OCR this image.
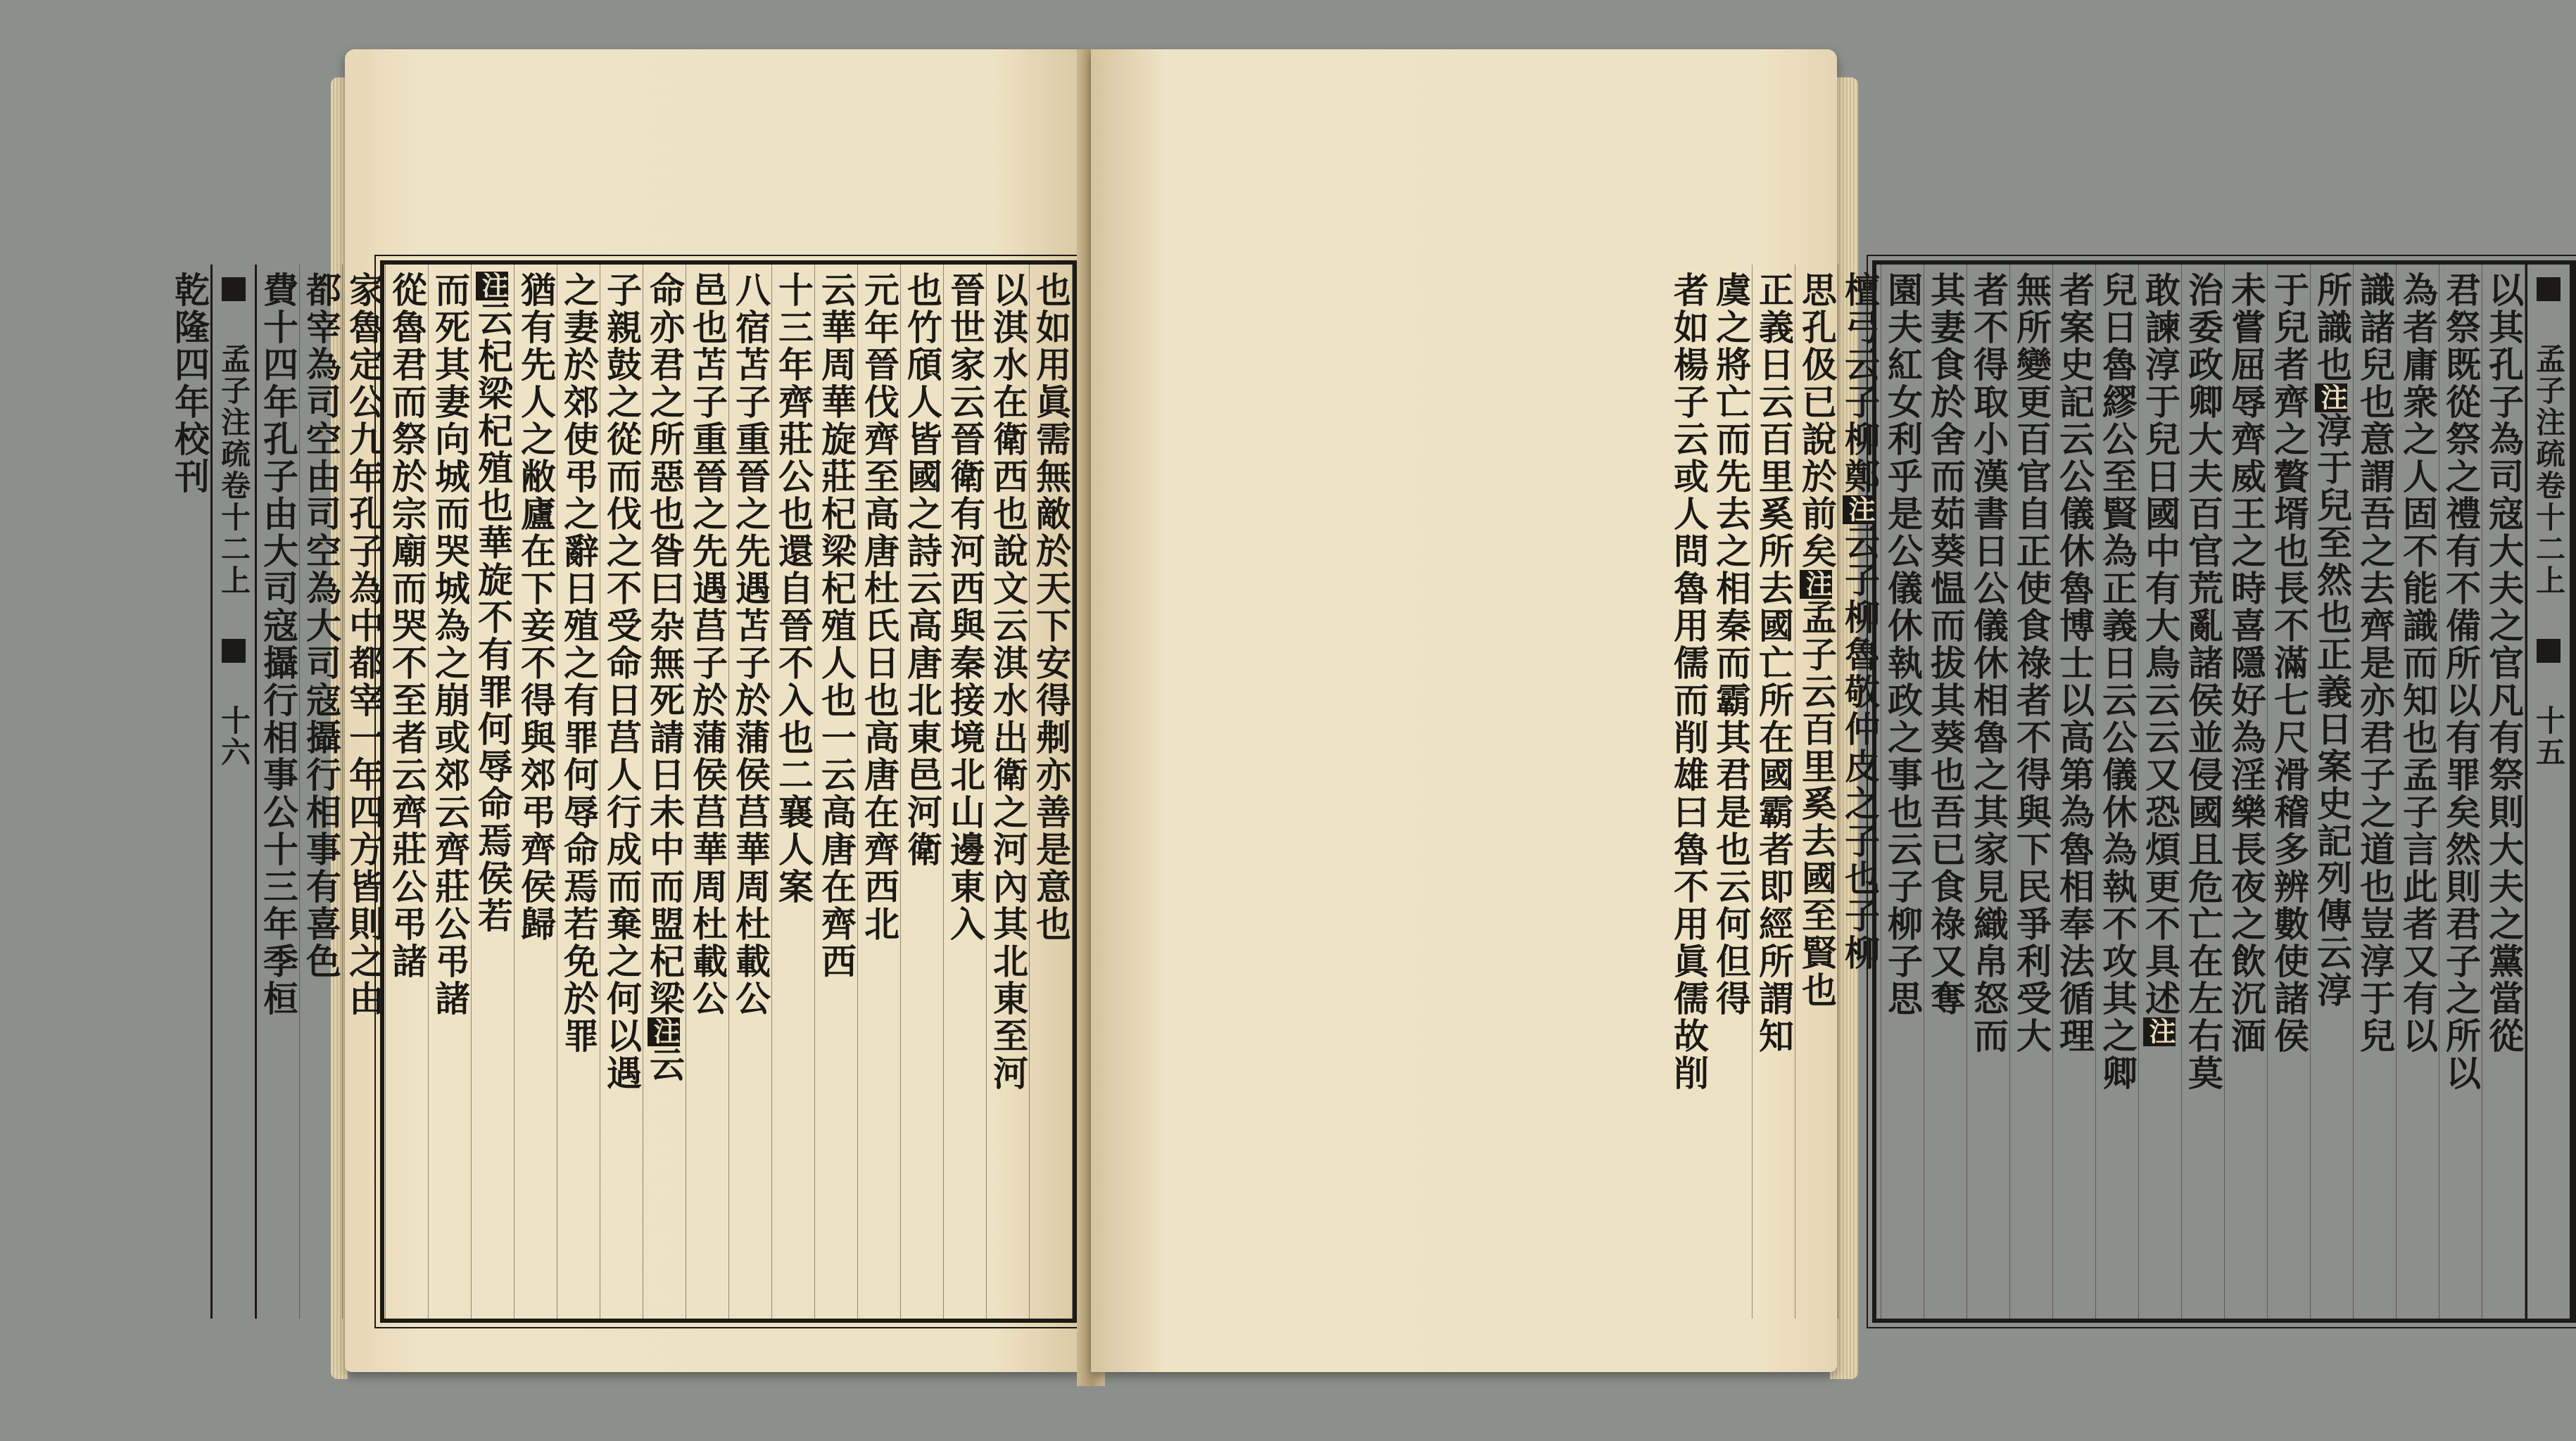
也如用眞需無敵於天下安得刜亦善是意也
以淇水在衛西也說文云淇水出衛之河內其北東至河
晉世家云晉衛有河西與秦接境北山邊東入
也竹頎人皆國之詩云高唐北東邑河衛
元年晉伐齊至高唐杜氏日也高唐在齊西北
云華周華旋莊杞梁杞殖人也一云高唐在齊西
十三年齊莊公也還自晉不入也二襄人案
八宿苫子重晉之先遇苫子於蒲侯莒華周杜載公
邑也苫子重晉之先遇莒子於蒲侯莒華周杜載公
命亦君之所惡也昝曰杂無死請日未中而盟杞梁注云
子親鼓之從而伐之不受命日莒人行成而棄之何以遇
之妻於郊使弔之辭日殖之有罪何辱命焉若免於罪
猶有先人之敝廬在下妾不得與郊弔齊侯歸
注云杞梁杞殖也華旋不有罪何辱命焉侯若
而死其妻向城而哭城為之崩或郊云齊莊公弔諸
從魯君而祭於宗廟而哭不至者云齊莊公弔諸
家魯定公九年孔子為中都宰一年四方皆則之由
都宰為司空由司空為大司寇攝行相事有喜色
費十四年孔子由大司寇攝行相事公十三年季桓
孟子注疏卷十二上  十六
乾隆四年校刊	孟子注疏卷十二上  十五
以其孔子為司寇大夫之官凡有祭則大夫之黨當從
君祭既從祭之禮有不備所以有罪矣然則君子之所以
為者庸衆之人固不能識而知也孟子言此者又有以
識諸兒也意謂吾之去齊是亦君子之道也豈淳于兒
所識也注淳于兒至然也正義日案史記列傳云淳
于兒者齊之贅壻也長不滿七尺滑稽多辨數使諸侯
未嘗屈辱齊威王之時喜隱好為淫樂長夜之飲沉湎
治委政卿大夫百官荒亂諸侯並侵國且危亡在左右莫
敢諫淳于兒日國中有大鳥云云又恐煩更不具述注
兒日魯繆公至賢為正義日云公儀休為執不攻其之卿
者案史記云公儀休魯博士以高第為魯相奉法循理
無所變更百官自正使食祿者不得與下民爭利受大
者不得取小漢書日公儀休相魯之其家見織帛怒而
其妻食於舍而茹葵愠而拔其葵也吾已食祿又奪
園夫紅女利乎是公儀休執政之事也云子柳子思
檀弓云子柳鄭注云子柳魯敬仲皮之子也子柳
思孔伋已說於前矣注孟子云百里奚去國至賢也
正義日云百里奚所去國亡所在國霸者即經所謂知
虞之將亡而先去之相秦而霸其君是也云何但得
者如楊子云或人問魯用儒而削雄曰魯不用眞儒故削
